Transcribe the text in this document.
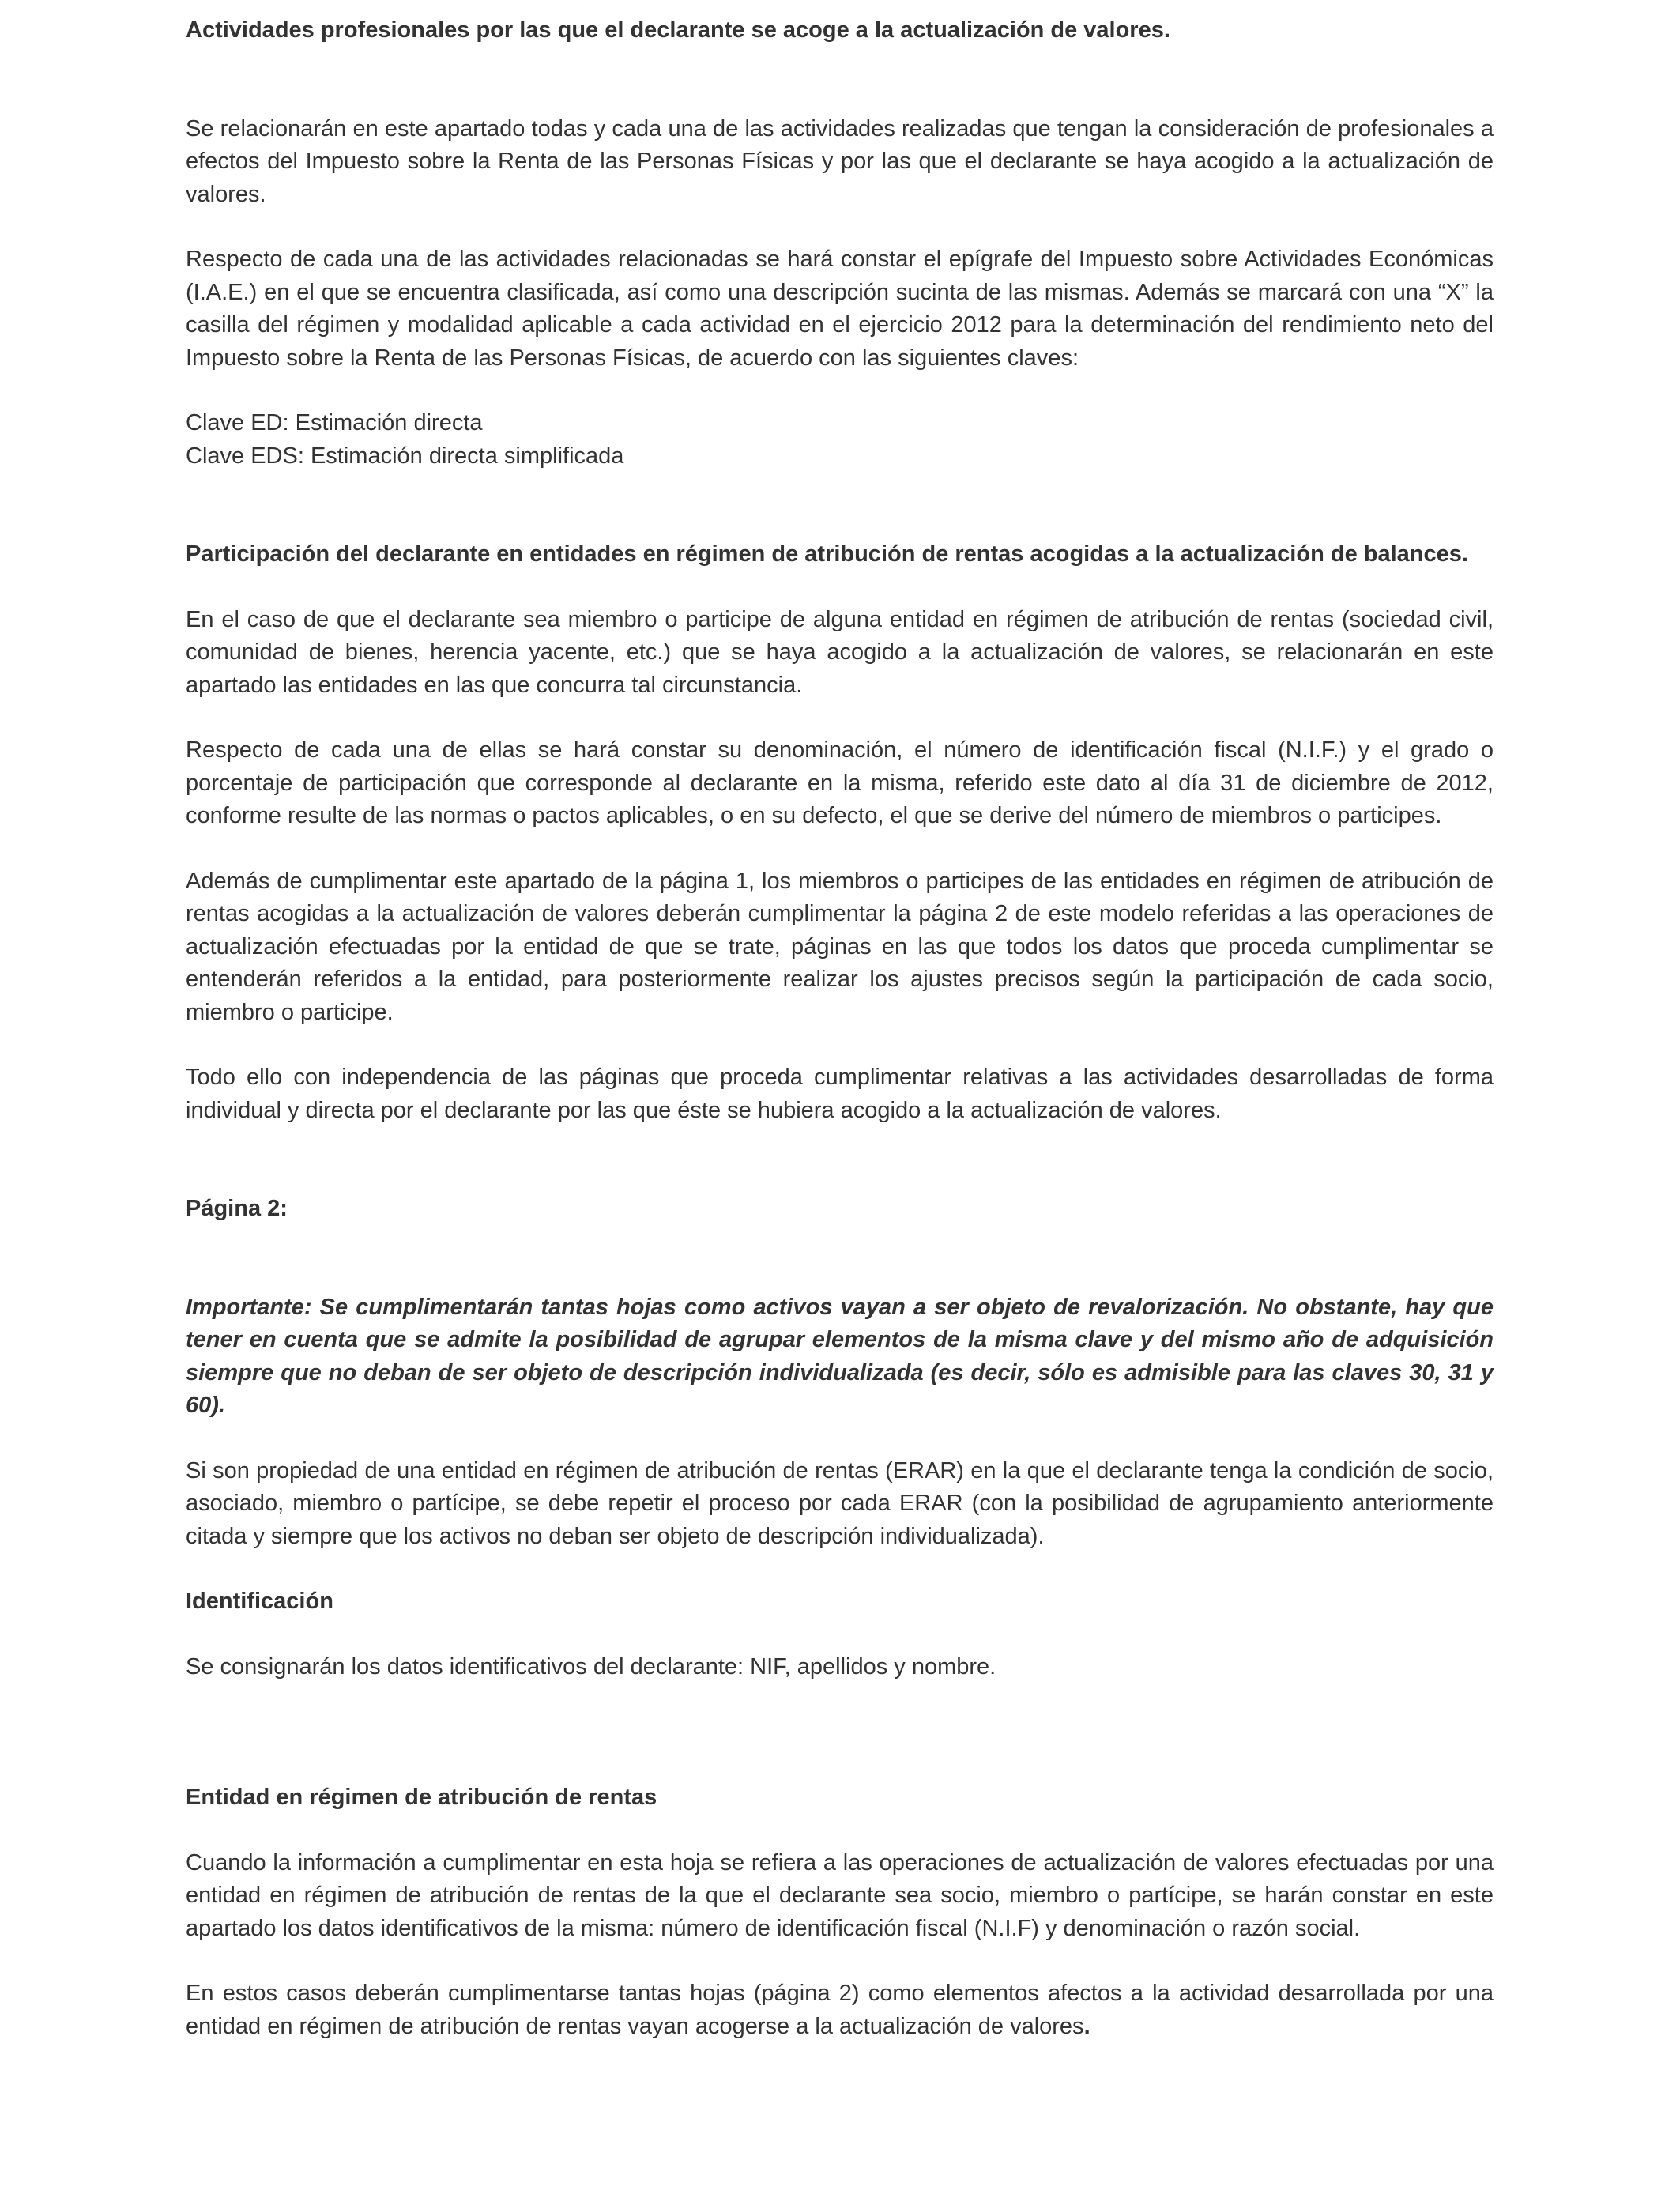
Actividades profesionales por las que el declarante se acoge a la actualización de valores.

Se relacionarán en este apartado todas y cada una de las actividades realizadas que tengan la consideración de profesionales a efectos del Impuesto sobre la Renta de las Personas Físicas y por las que el declarante se haya acogido a la actualización de valores.

Respecto de cada una de las actividades relacionadas se hará constar el epígrafe del Impuesto sobre Actividades Económicas (I.A.E.) en el que se encuentra clasificada, así como una descripción sucinta de las mismas. Además se marcará con una “X” la casilla del régimen y modalidad aplicable a cada actividad en el ejercicio 2012 para la determinación del rendimiento neto del Impuesto sobre la Renta de las Personas Físicas, de acuerdo con las siguientes claves:

Clave ED: Estimación directa

Clave EDS: Estimación directa simplificada

Participación del declarante en entidades en régimen de atribución de rentas acogidas a la actualización de balances.

En el caso de que el declarante sea miembro o participe de alguna entidad en régimen de atribución de rentas (sociedad civil, comunidad de bienes, herencia yacente, etc.) que se haya acogido a la actualización de valores, se relacionarán en este apartado las entidades en las que concurra tal circunstancia.

Respecto de cada una de ellas se hará constar su denominación, el número de identificación fiscal (N.I.F.) y el grado o porcentaje de participación que corresponde al declarante en la misma, referido este dato al día 31 de diciembre de 2012, conforme resulte de las normas o pactos aplicables, o en su defecto, el que se derive del número de miembros o participes.

Además de cumplimentar este apartado de la página 1, los miembros o participes de las entidades en régimen de atribución de rentas acogidas a la actualización de valores deberán cumplimentar la página 2 de este modelo referidas a las operaciones de actualización efectuadas por la entidad de que se trate, páginas en las que todos los datos que proceda cumplimentar se entenderán referidos a la entidad, para posteriormente realizar los ajustes precisos según la participación de cada socio, miembro o participe.

Todo ello con independencia de las páginas que proceda cumplimentar relativas a las actividades desarrolladas de forma individual y directa por el declarante por las que éste se hubiera acogido a la actualización de valores.

Página 2:

Importante: Se cumplimentarán tantas hojas como activos vayan a ser objeto de revalorización. No obstante, hay que tener en cuenta que se admite la posibilidad de agrupar elementos de la misma clave y del mismo año de adquisición siempre que no deban de ser objeto de descripción individualizada (es decir, sólo es admisible para las claves 30, 31 y 60).

Si son propiedad de una entidad en régimen de atribución de rentas (ERAR) en la que el declarante tenga la condición de socio, asociado, miembro o partícipe, se debe repetir el proceso por cada ERAR (con la posibilidad de agrupamiento anteriormente citada y siempre que los activos no deban ser objeto de descripción individualizada).

Identificación

Se consignarán los datos identificativos del declarante: NIF, apellidos y nombre.

Entidad en régimen de atribución de rentas

Cuando la información a cumplimentar en esta hoja se refiera a las operaciones de actualización de valores efectuadas por una entidad en régimen de atribución de rentas de la que el declarante sea socio, miembro o partícipe, se harán constar en este apartado los datos identificativos de la misma: número de identificación fiscal (N.I.F) y denominación o razón social.

En estos casos deberán cumplimentarse tantas hojas (página 2) como elementos afectos a la actividad desarrollada por una entidad en régimen de atribución de rentas vayan acogerse a la actualización de valores.
